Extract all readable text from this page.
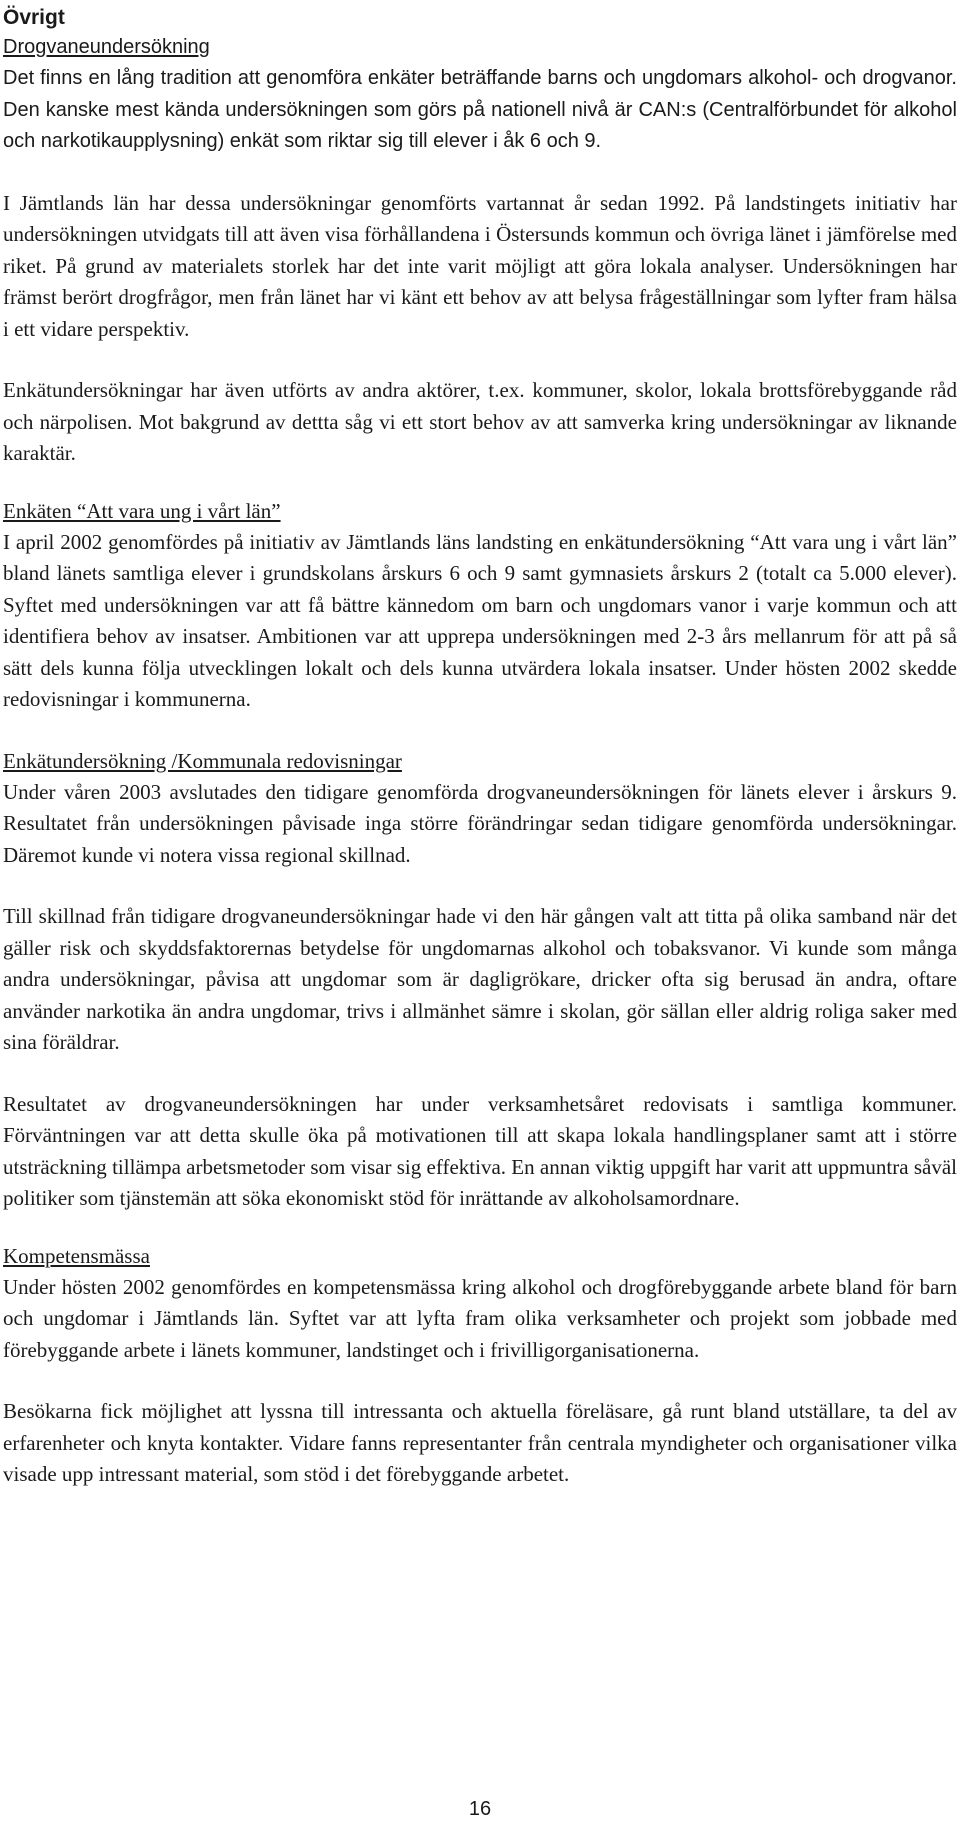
Övrigt
Drogvaneundersökning

Det finns en lång tradition att genomföra enkäter beträffande barns och ungdomars alkohol- och drogvanor. Den kanske mest kända undersökningen som görs på nationell nivå är CAN:s (Centralförbundet för alkohol och narkotikaupplysning) enkät som riktar sig till elever i åk 6 och 9.

I Jämtlands län har dessa undersökningar genomförts vartannat år sedan 1992. På landstingets initiativ har undersökningen utvidgats till att även visa förhållandena i Östersunds kommun och övriga länet i jämförelse med riket. På grund av materialets storlek har det inte varit möjligt att göra lokala analyser. Undersökningen har främst berört drogfrågor, men från länet har vi känt ett behov av att belysa frågeställningar som lyfter fram hälsa i ett vidare perspektiv.

Enkätundersökningar har även utförts av andra aktörer, t.ex. kommuner, skolor, lokala brottsförebyggande råd och närpolisen. Mot bakgrund av dettta såg vi ett stort behov av att samverka kring undersökningar av liknande karaktär.

Enkäten “Att vara ung i vårt län”

I april 2002 genomfördes på initiativ av Jämtlands läns landsting en enkätundersökning “Att vara ung i vårt län” bland länets samtliga elever i grundskolans årskurs 6 och 9 samt gymnasiets årskurs 2 (totalt ca 5.000 elever). Syftet med undersökningen var att få bättre kännedom om barn och ungdomars vanor i varje kommun och att identifiera behov av insatser. Ambitionen var att upprepa undersökningen med 2-3 års mellanrum för att på så sätt dels kunna följa utvecklingen lokalt och dels kunna utvärdera lokala insatser. Under hösten 2002 skedde redovisningar i kommunerna.

Enkätundersökning /Kommunala redovisningar

Under våren 2003 avslutades den tidigare genomförda drogvaneundersökningen för länets elever i årskurs 9. Resultatet från undersökningen påvisade inga större förändringar sedan tidigare genomförda undersökningar. Däremot kunde vi notera vissa regional skillnad.

Till skillnad från tidigare drogvaneundersökningar hade vi den här gången valt att titta på olika samband när det gäller risk och skyddsfaktorernas betydelse för ungdomarnas alkohol och tobaksvanor. Vi kunde som många andra undersökningar, påvisa att ungdomar som är dagligrökare, dricker ofta sig berusad än andra, oftare använder narkotika än andra ungdomar, trivs i allmänhet sämre i skolan, gör sällan eller aldrig roliga saker med sina föräldrar.

Resultatet av drogvaneundersökningen har under verksamhetsåret redovisats i samtliga kommuner. Förväntningen var att detta skulle öka på motivationen till att skapa lokala handlingsplaner samt att i större utsträckning tillämpa arbetsmetoder som visar sig effektiva. En annan viktig uppgift har varit att uppmuntra såväl politiker som tjänstemän att söka ekonomiskt stöd för inrättande av alkoholsamordnare.

Kompetensmässa

Under hösten 2002 genomfördes en kompetensmässa kring alkohol och drogförebyggande arbete bland för barn och ungdomar i Jämtlands län. Syftet var att lyfta fram olika verksamheter och projekt som jobbade med förebyggande arbete i länets kommuner, landstinget och i frivilligorganisationerna.

Besökarna fick möjlighet att lyssna till intressanta och aktuella föreläsare, gå runt bland utställare, ta del av erfarenheter och knyta kontakter. Vidare fanns representanter från centrala myndigheter och organisationer vilka visade upp intressant material, som stöd i det förebyggande arbetet.

16
